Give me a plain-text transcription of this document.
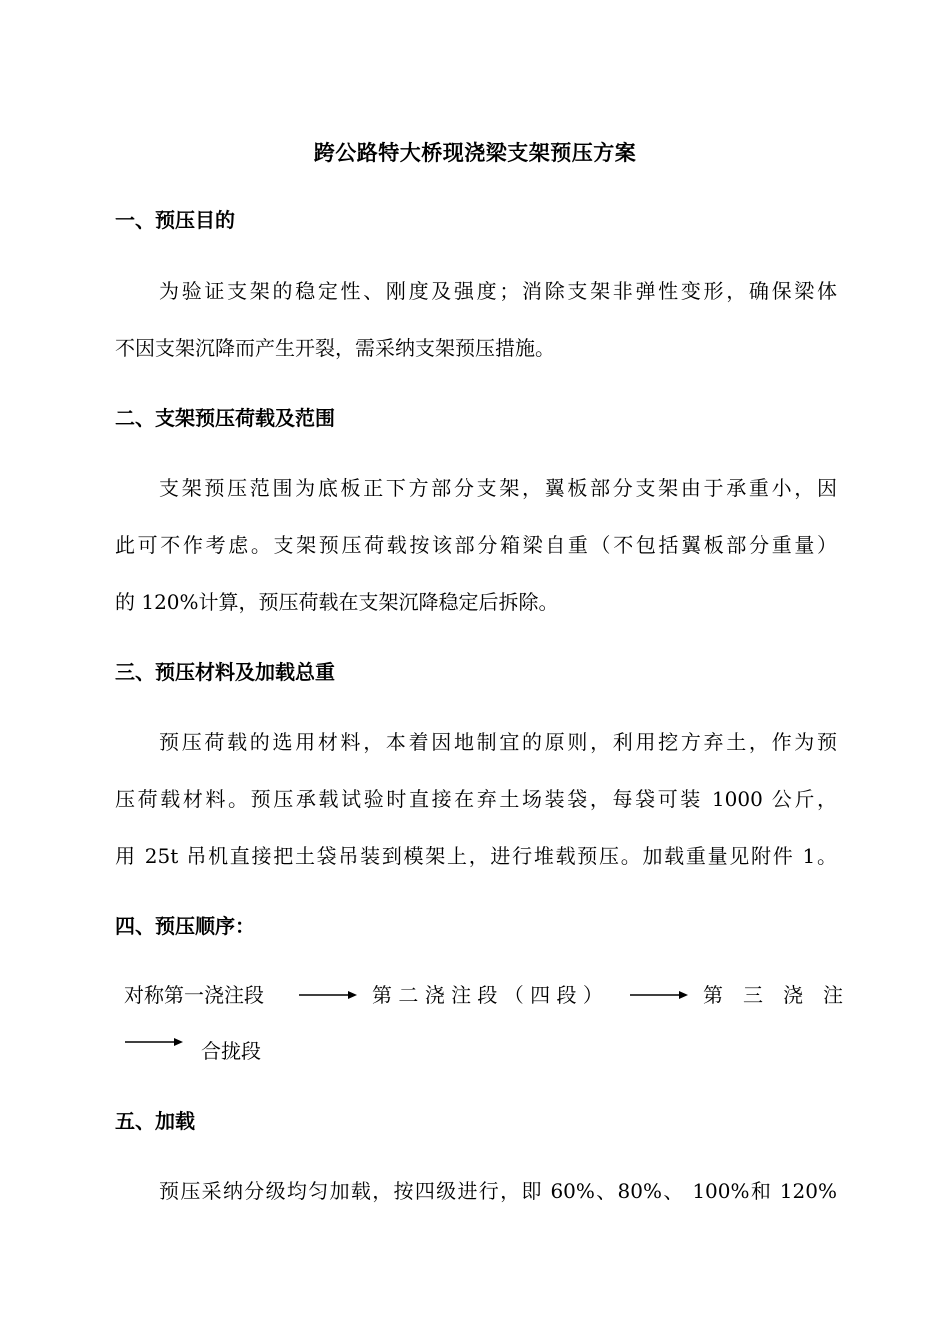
跨公路特大桥现浇梁支架预压方案
一、预压目的
为验证支架的稳定性、刚度及强度；消除支架非弹性变形，确保梁体
不因支架沉降而产生开裂，需采纳支架预压措施。
二、支架预压荷载及范围
支架预压范围为底板正下方部分支架，翼板部分支架由于承重小，因
此可不作考虑。支架预压荷载按该部分箱梁自重（不包括翼板部分重量）
的 120%计算，预压荷载在支架沉降稳定后拆除。
三、预压材料及加载总重
预压荷载的选用材料，本着因地制宜的原则，利用挖方弃土，作为预
压荷载材料。预压承载试验时直接在弃土场装袋，每袋可装 1000 公斤，
用 25t 吊机直接把土袋吊装到模架上，进行堆载预压。加载重量见附件 1。
四、预压顺序：
对称第一浇注段	第 二 浇 注 段 （ 四 段 ）	第　三　浇　注
合拢段
五、加载
预压采纳分级均匀加载，按四级进行，即 60%、80%、 100%和 120%
